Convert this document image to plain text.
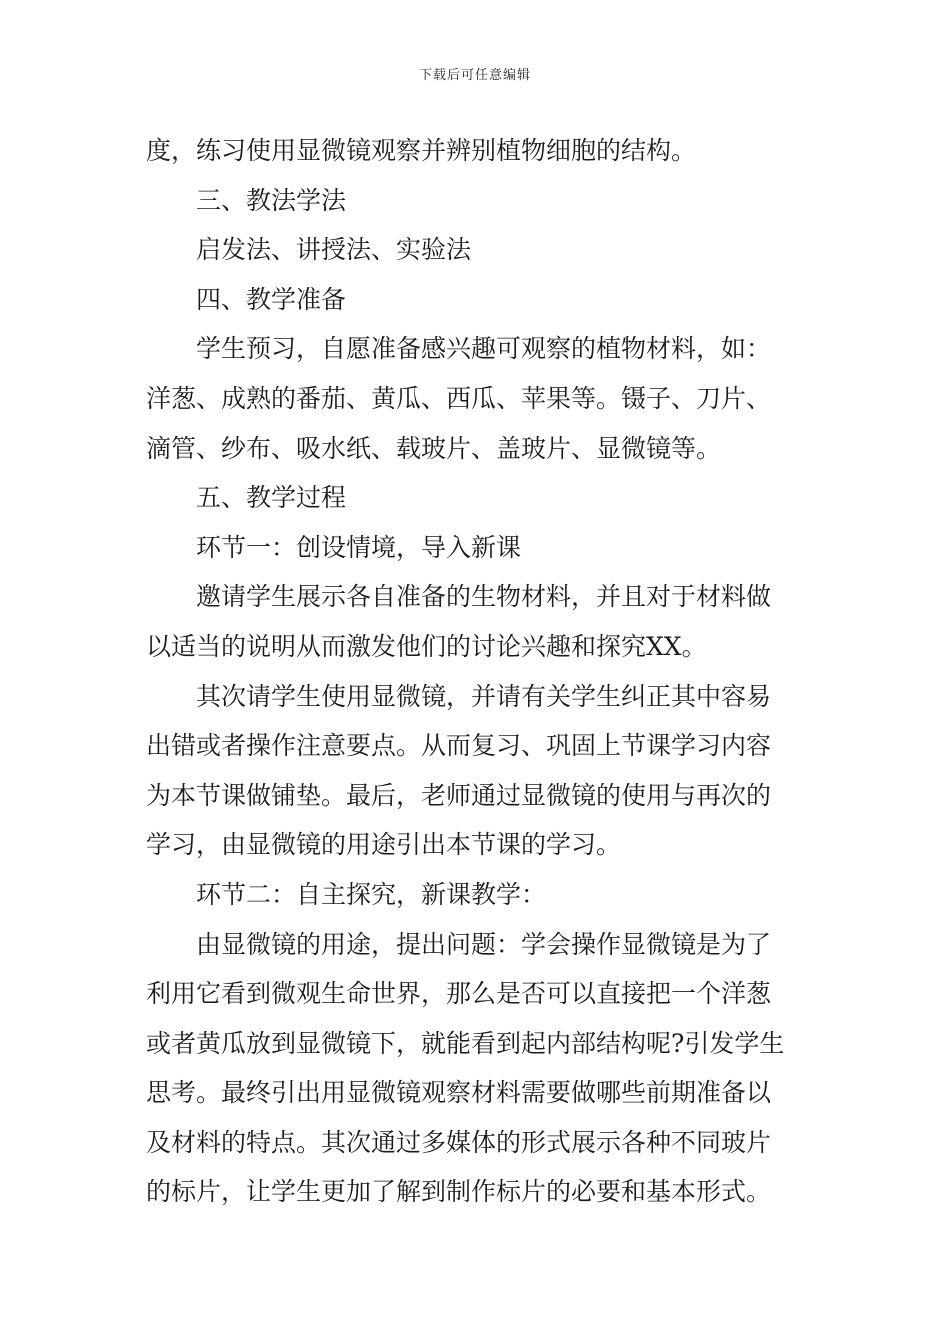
下载后可任意编辑
度，练习使用显微镜观察并辨别植物细胞的结构。
三、教法学法
启发法、讲授法、实验法
四、教学准备
学生预习，自愿准备感兴趣可观察的植物材料，如：
洋葱、成熟的番茄、黄瓜、西瓜、苹果等。镊子、刀片、
滴管、纱布、吸水纸、载玻片、盖玻片、显微镜等。
五、教学过程
环节一：创设情境，导入新课
邀请学生展示各自准备的生物材料，并且对于材料做
以适当的说明从而激发他们的讨论兴趣和探究XX。
其次请学生使用显微镜，并请有关学生纠正其中容易
出错或者操作注意要点。从而复习、巩固上节课学习内容
为本节课做铺垫。最后，老师通过显微镜的使用与再次的
学习，由显微镜的用途引出本节课的学习。
环节二：自主探究，新课教学：
由显微镜的用途，提出问题：学会操作显微镜是为了
利用它看到微观生命世界，那么是否可以直接把一个洋葱
或者黄瓜放到显微镜下，就能看到起内部结构呢?引发学生
思考。最终引出用显微镜观察材料需要做哪些前期准备以
及材料的特点。其次通过多媒体的形式展示各种不同玻片
的标片，让学生更加了解到制作标片的必要和基本形式。
